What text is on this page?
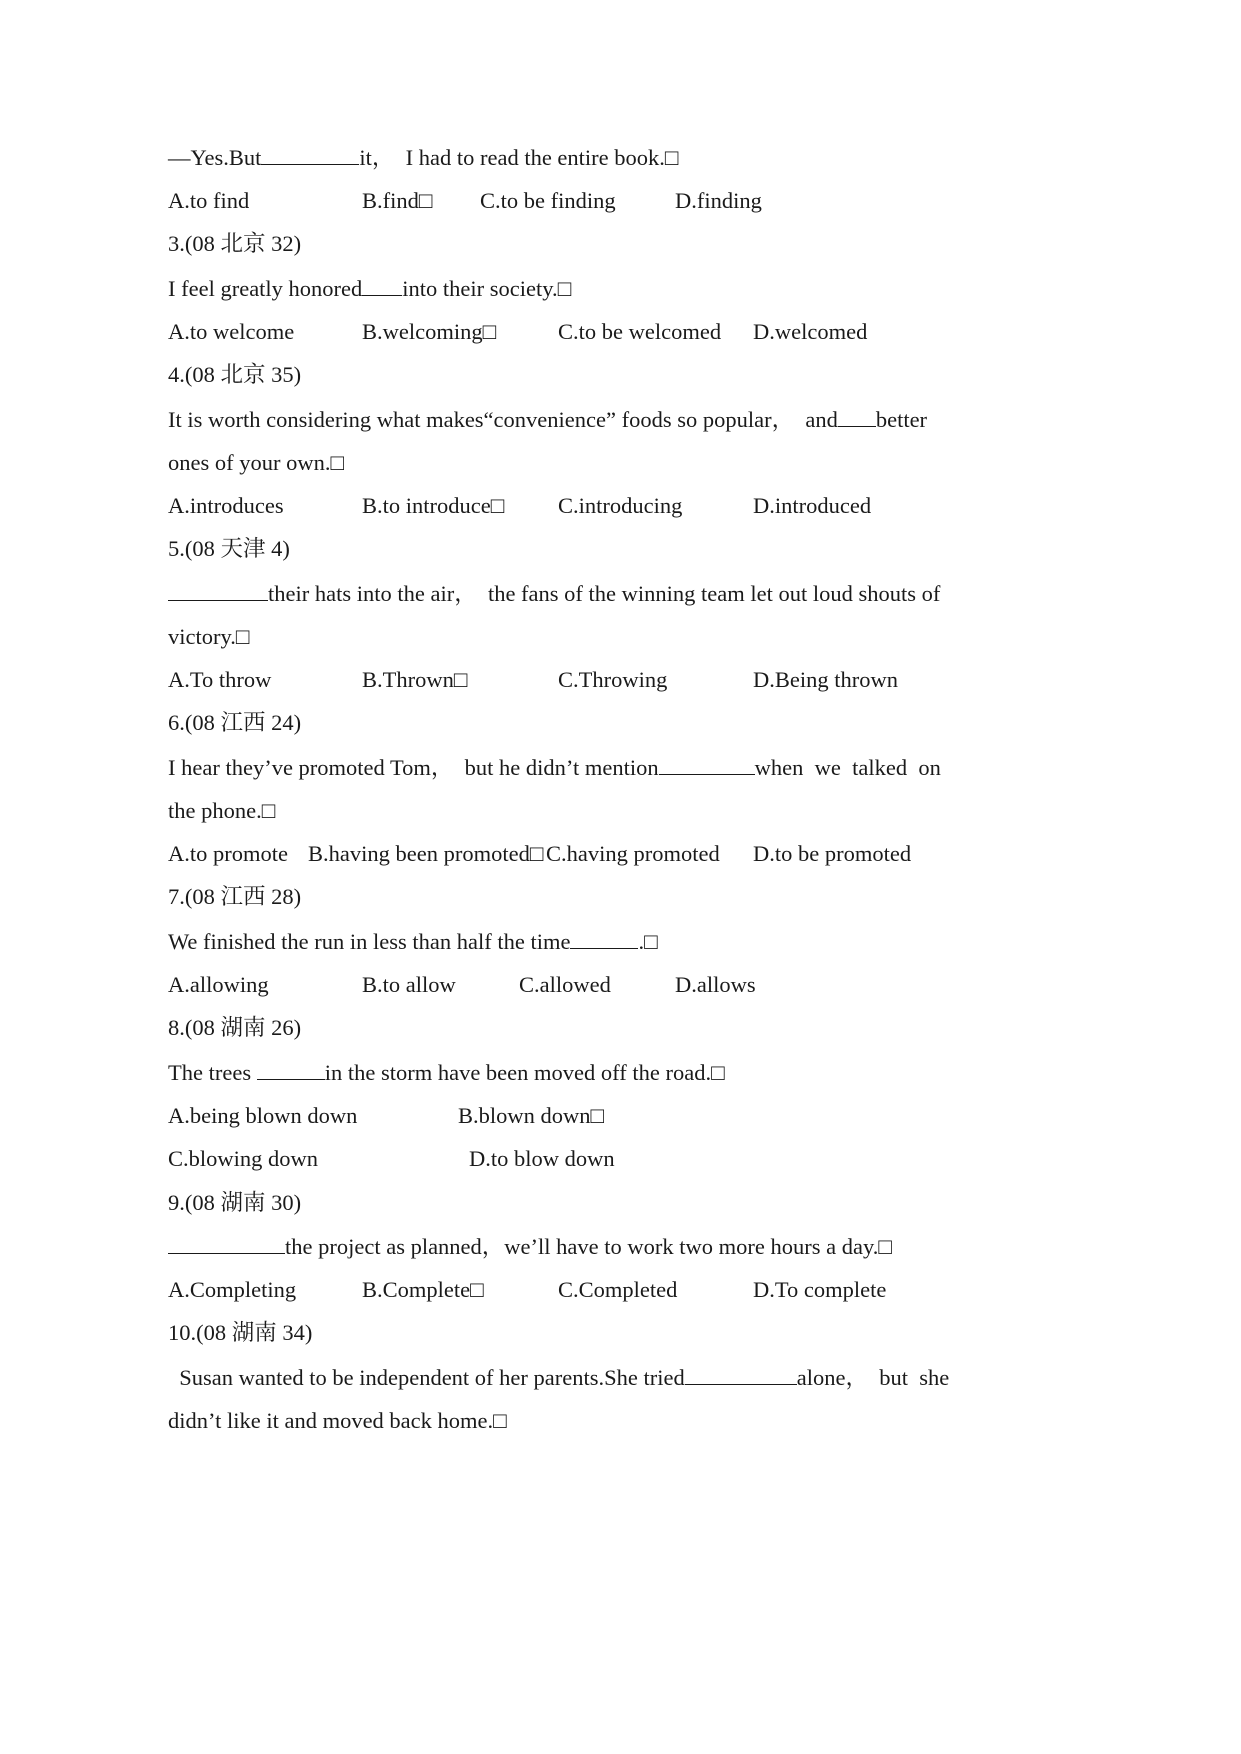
—Yes.But	it，  I had to read the entire book.□
A.to find	B.find□ C.to be finding	D.finding
3.(08 北京 32)
I feel greatly honored into their society.□
A.to welcome	B.welcoming□	C.to be welcomed D.welcomed
4.(08 北京 35)
It is worth considering what makes“convenience” foods so popular，  and better
ones of your own.□
A.introduces	B.to introduce□ C.introducing	D.introduced
5.(08 天津 4)
their hats into the air，  the fans of the winning team let out loud shouts of
victory.□
A.To throw	B.Thrown□	C.Throwing	D.Being thrown
6.(08 江西 24)
I hear they’ve promoted Tom，  but he didn’t mention	when  we  talked  on
the phone.□
A.to promote B.having been promoted□ C.having promoted D.to be promoted
7.(08 江西 28)
We finished the run in less than half the time	.□
A.allowing	B.to allow	C.allowed	D.allows
8.(08 湖南 26)
The trees	in the storm have been moved off the road.□
A.being blown down	B.blown down□
C.blowing down	D.to blow down
9.(08 湖南 30)
the project as planned，we’ll have to work two more hours a day.□
A.Completing	B.Complete□	C.Completed	D.To complete
10.(08 湖南 34)
Susan wanted to be independent of her parents.She tried	alone，  but  she
didn’t like it and moved back home.□
